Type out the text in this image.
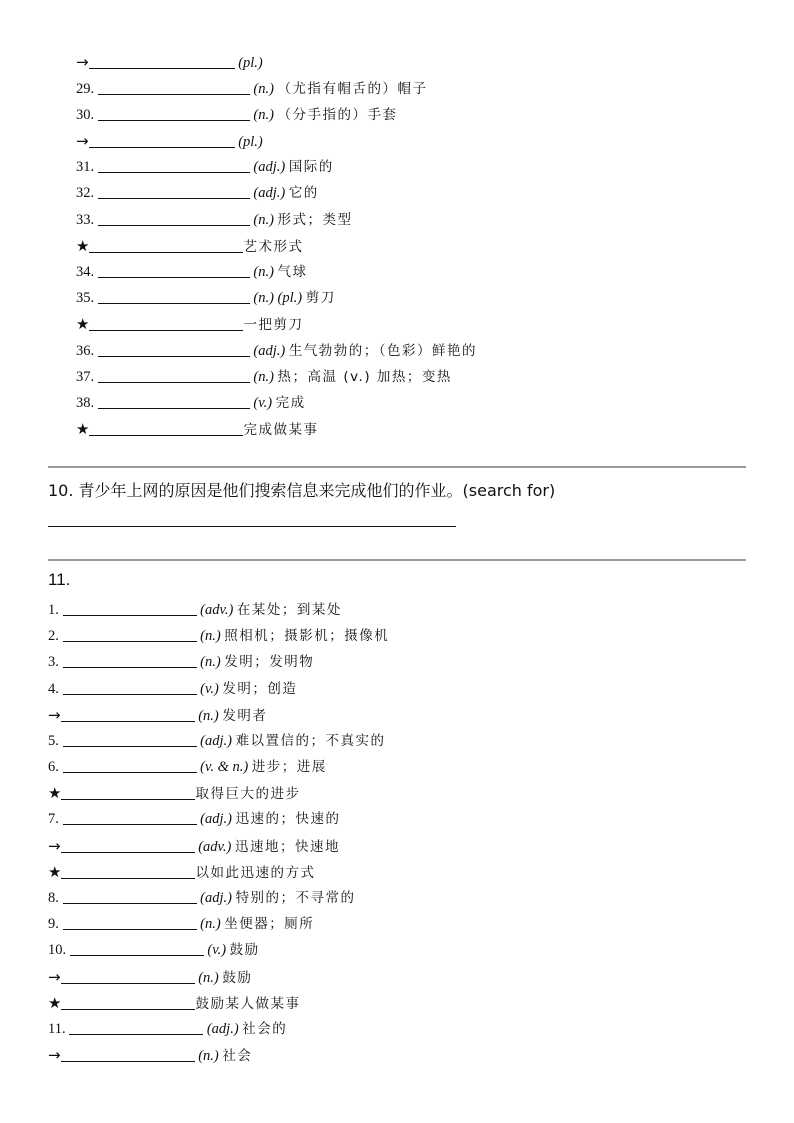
→	(pl.)
29.	(n.) （尤指有帽舌的）帽子
30.	(n.) （分手指的）手套
→	(pl.)
31.	(adj.) 国际的
32.	(adj.) 它的
33.	(n.) 形式；类型
★	艺术形式
34.	(n.) 气球
35.	(n.) (pl.) 剪刀
★	一把剪刀
36.	(adj.) 生气勃勃的；（色彩）鲜艳的
37.	(n.) 热；高温 (v.) 加热；变热
38.	(v.) 完成
★	完成做某事
10. 青少年上网的原因是他们搜索信息来完成他们的作业。(search for)
11.
1.	(adv.) 在某处；到某处
2.	(n.) 照相机；摄影机；摄像机
3.	(n.) 发明；发明物
4.	(v.) 发明；创造
→	(n.) 发明者
5.	(adj.) 难以置信的；不真实的
6.	(v. & n.) 进步；进展
★	取得巨大的进步
7.	(adj.) 迅速的；快速的
→	(adv.) 迅速地；快速地
★	以如此迅速的方式
8.	(adj.) 特别的；不寻常的
9.	(n.) 坐便器；厕所
10.	(v.) 鼓励
→	(n.) 鼓励
★	鼓励某人做某事
11.	(adj.) 社会的
→	(n.) 社会
